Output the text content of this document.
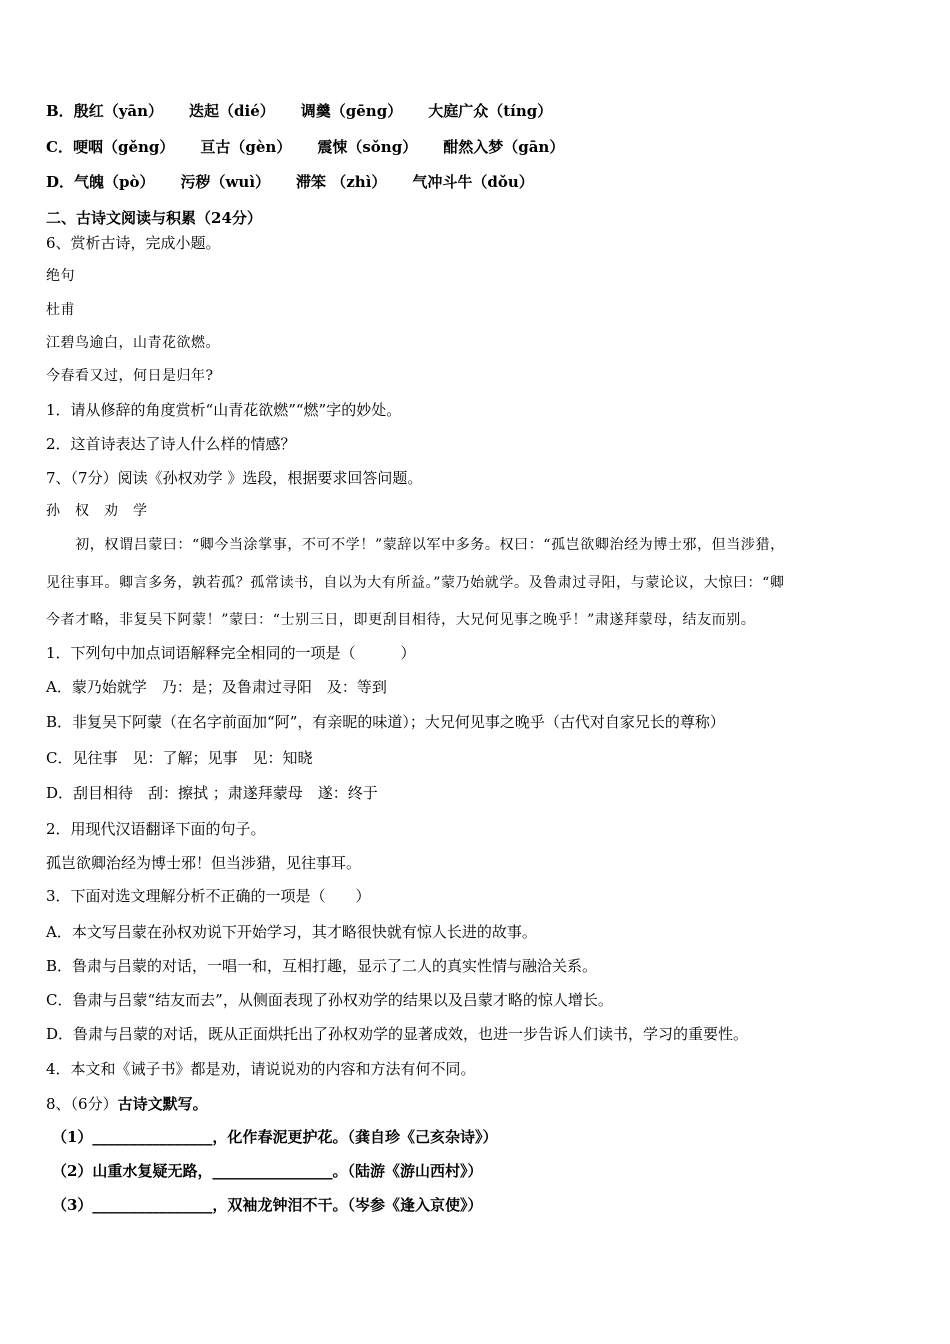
B．殷红（yān） 迭起（dié） 调羹（gēng） 大庭广众（tíng）
C．哽咽（gěng） 亘古（gèn） 震悚（sǒng） 酣然入梦（gān）
D．气魄（pò） 污秽（wuì） 滞笨 （zhì） 气冲斗牛（dǒu）
二、古诗文阅读与积累（24分）
6、赏析古诗，完成小题。
绝句
杜甫
江碧鸟逾白，山青花欲燃。
今春看又过，何日是归年?
1．请从修辞的角度赏析“山青花欲燃”“燃”字的妙处。
2．这首诗表达了诗人什么样的情感？
7、（7分）阅读《孙权劝学 》选段，根据要求回答问题。
孙　权　劝　学
　　初，权谓吕蒙曰：“卿今当涂掌事，不可不学！”蒙辞以军中多务。权曰：“孤岂欲卿治经为博士邪，但当涉猎，
见往事耳。卿言多务，孰若孤？孤常读书，自以为大有所益。”蒙乃始就学。及鲁肃过寻阳，与蒙论议，大惊曰：“卿
今者才略，非复吴下阿蒙！”蒙曰：“士别三日，即更刮目相待，大兄何见事之晚乎！”肃遂拜蒙母，结友而别。
1．下列句中加点词语解释完全相同的一项是（　　　）
A．蒙乃始就学　乃：是；及鲁肃过寻阳　及：等到
B．非复吴下阿蒙（在名字前面加“阿”，有亲昵的味道）；大兄何见事之晚乎（古代对自家兄长的尊称）
C．见往事　见：了解；见事　见：知晓
D．刮目相待　刮：擦拭 ；肃遂拜蒙母　遂：终于
2．用现代汉语翻译下面的句子。
孤岂欲卿治经为博士邪！但当涉猎，见往事耳。
3．下面对选文理解分析不正确的一项是（　　）
A．本文写吕蒙在孙权劝说下开始学习，其才略很快就有惊人长进的故事。
B．鲁肃与吕蒙的对话，一唱一和，互相打趣，显示了二人的真实性情与融洽关系。
C．鲁肃与吕蒙“结友而去”，从侧面表现了孙权劝学的结果以及吕蒙才略的惊人增长。
D．鲁肃与吕蒙的对话，既从正面烘托出了孙权劝学的显著成效，也进一步告诉人们读书，学习的重要性。
4．本文和《诫子书》都是劝，请说说劝的内容和方法有何不同。
8、（6分）古诗文默写。
（1）________________，化作春泥更护花。（龚自珍《己亥杂诗》）
（2）山重水复疑无路，________________。（陆游《游山西村》）
（3）________________，双袖龙钟泪不干。（岑参《逢入京使》）
